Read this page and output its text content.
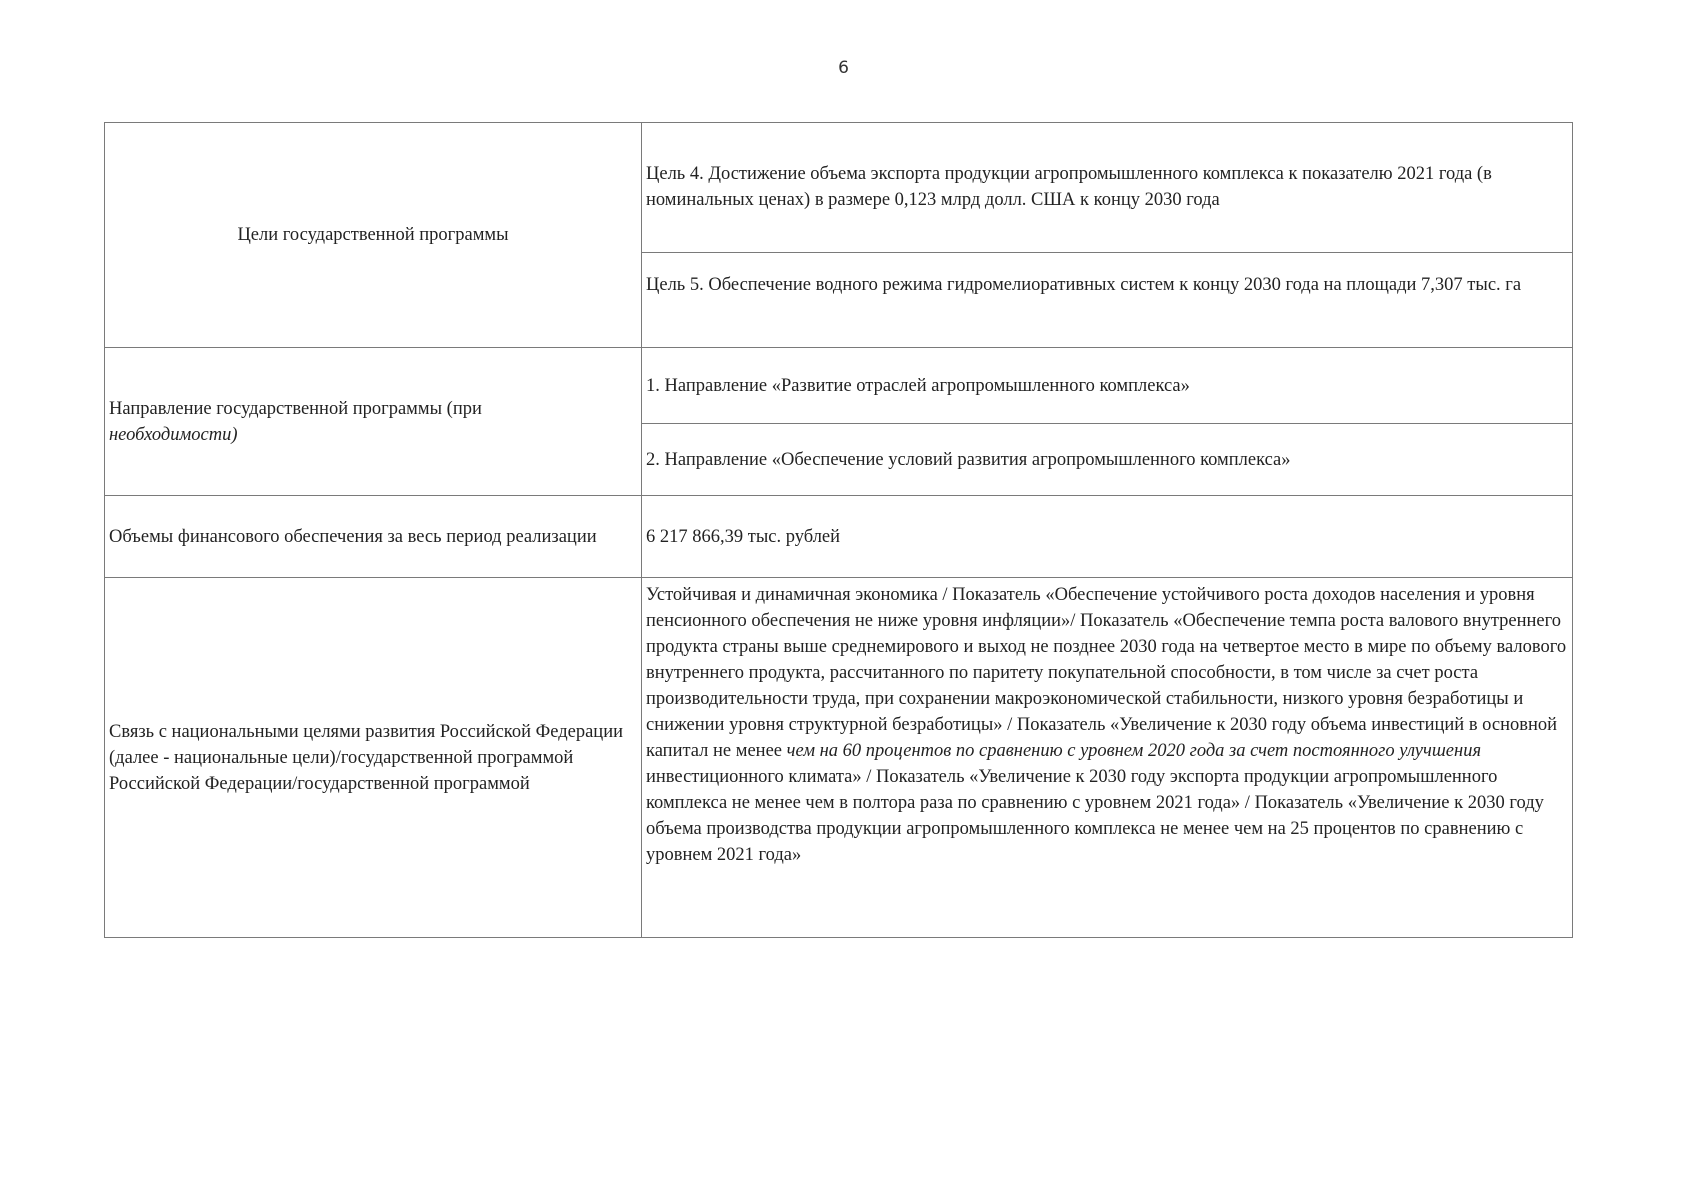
6
Цели государственной программы	Цель 4. Достижение объема экспорта продукции агропромышленного комплекса к показателю 2021 года (в номинальных ценах) в размере 0,123 млрд долл. США к концу 2030 года

	Цель 5. Обеспечение водного режима гидромелиоративных систем к концу 2030 года на площади 7,307 тыс. га

Направление государственной программы (при
необходимости)	1. Направление «Развитие отраслей агропромышленного комплекса»

	2. Направление «Обеспечение условий развития агропромышленного комплекса»

Объемы финансового обеспечения за весь период реализации	6 217 866,39 тыс. рублей

Связь с национальными целями развития Российской Федерации (далее - национальные цели)/государственной программой Российской Федерации/государственной программой	Устойчивая и динамичная экономика / Показатель «Обеспечение устойчивого роста доходов населения и уровня пенсионного обеспечения не ниже уровня инфляции»/ Показатель «Обеспечение темпа роста валового внутреннего продукта страны выше среднемирового и выход не позднее 2030 года на четвертое место в мире по объему валового внутреннего продукта, рассчитанного по паритету покупательной способности, в том числе за счет роста производительности труда, при сохранении макроэкономической стабильности, низкого уровня безработицы и снижении уровня структурной безработицы» / Показатель «Увеличение к 2030 году объема инвестиций в основной капитал не менее чем на 60 процентов по сравнению с уровнем 2020 года за счет постоянного улучшения инвестиционного климата» / Показатель «Увеличение к 2030 году экспорта продукции агропромышленного комплекса не менее чем в полтора раза по сравнению с уровнем 2021 года» / Показатель «Увеличение к 2030 году объема производства продукции агропромышленного комплекса не менее чем на 25 процентов по сравнению с уровнем 2021 года»
